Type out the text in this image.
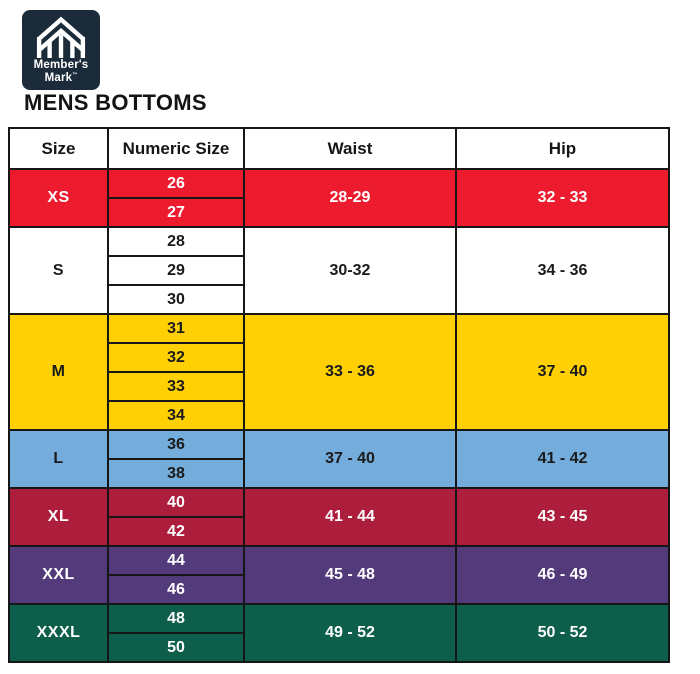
Member's
Mark™
MENS BOTTOMS
Size	Numeric Size	Waist	Hip
XS	26	28-29	32 - 33
	27		
S	28	30-32	34 - 36
	29		
	30		
M	31	33 - 36	37 - 40
	32		
	33		
	34		
L	36	37 - 40	41 - 42
	38		
XL	40	41 - 44	43 - 45
	42		
XXL	44	45 - 48	46 - 49
	46		
XXXL	48	49 - 52	50 - 52
	50		
